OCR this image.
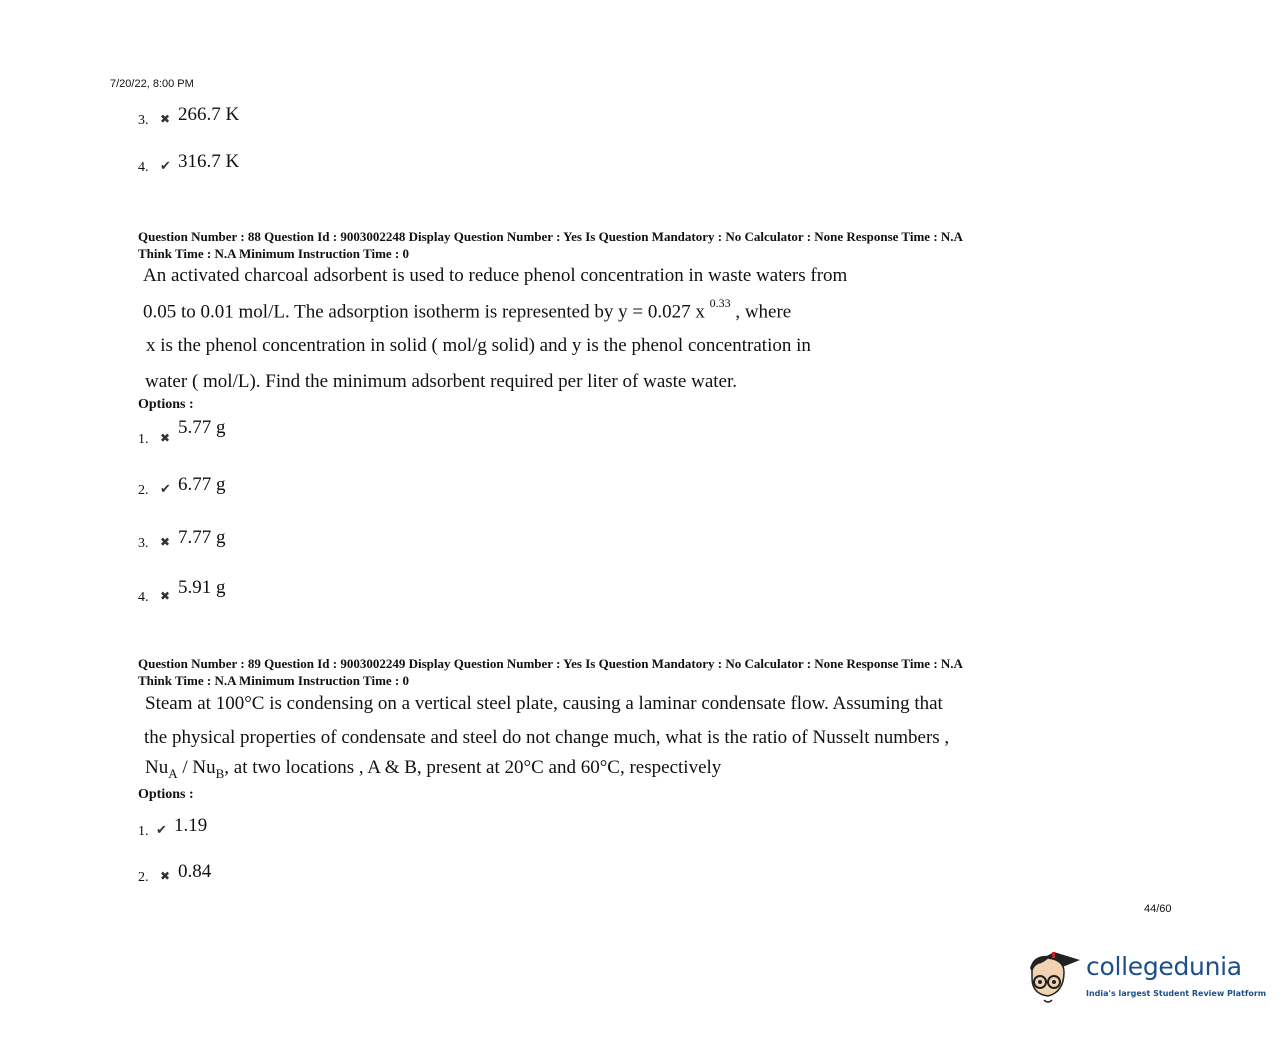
7/20/22, 8:00 PM
3. ✖ 266.7 K
4. ✔ 316.7 K
Question Number : 88 Question Id : 9003002248 Display Question Number : Yes Is Question Mandatory : No Calculator : None Response Time : N.A
Think Time : N.A Minimum Instruction Time : 0
An activated charcoal adsorbent is used to reduce phenol concentration in waste waters from
0.05 to 0.01 mol/L. The adsorption isotherm is represented by y = 0.027 x $^{0.33}$ , where
x is the phenol concentration in solid ( mol/g solid) and y is the phenol concentration in
water ( mol/L). Find the minimum adsorbent required per liter of waste water.
Options :
1. ✖ 5.77 g
2. ✔ 6.77 g
3. ✖ 7.77 g
4. ✖ 5.91 g
Question Number : 89 Question Id : 9003002249 Display Question Number : Yes Is Question Mandatory : No Calculator : None Response Time : N.A
Think Time : N.A Minimum Instruction Time : 0
Steam at 100°C is condensing on a vertical steel plate, causing a laminar condensate flow. Assuming that
the physical properties of condensate and steel do not change much, what is the ratio of Nusselt numbers ,
$Nu_A / Nu_B$, at two locations , A & B, present at 20°C and 60°C, respectively
Options :
1. ✔ 1.19
2. ✖ 0.84
44/60
collegedunia
India's largest Student Review Platform
